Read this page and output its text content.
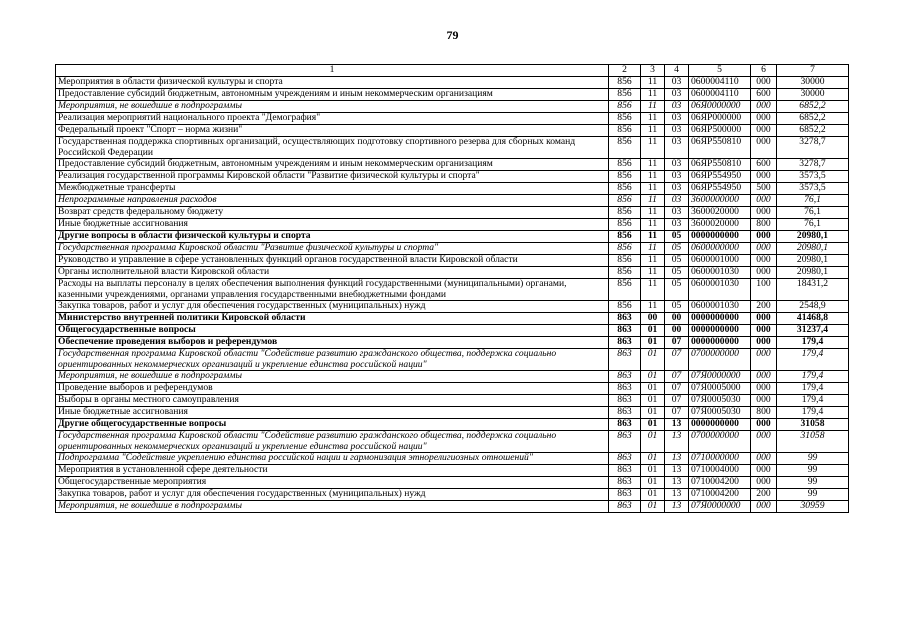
79
1	2	3	4	5	6	7
Мероприятия в области физической культуры и спорта	856	11	03	0600004110	000	30000
Предоставление субсидий бюджетным, автономным учреждениям и иным некоммерческим организациям	856	11	03	0600004110	600	30000
Мероприятия, не вошедшие в подпрограммы	856	11	03	06Я0000000	000	6852,2
Реализация мероприятий национального проекта "Демография"	856	11	03	06ЯР000000	000	6852,2
Федеральный проект "Спорт – норма жизни"	856	11	03	06ЯР500000	000	6852,2
Государственная поддержка спортивных организаций, осуществляющих подготовку спортивного резерва для сборных команд Российской Федерации	856	11	03	06ЯР550810	000	3278,7
Предоставление субсидий бюджетным, автономным учреждениям и иным некоммерческим организациям	856	11	03	06ЯР550810	600	3278,7
Реализация государственной программы Кировской области "Развитие физической культуры и спорта"	856	11	03	06ЯР554950	000	3573,5
Межбюджетные трансферты	856	11	03	06ЯР554950	500	3573,5
Непрограммные направления расходов	856	11	03	3600000000	000	76,1
Возврат средств федеральному бюджету	856	11	03	3600020000	000	76,1
Иные бюджетные ассигнования	856	11	03	3600020000	800	76,1
Другие вопросы в области физической культуры и спорта	856	11	05	0000000000	000	20980,1
Государственная программа Кировской области "Развитие физической культуры и спорта"	856	11	05	0600000000	000	20980,1
Руководство и управление в сфере установленных функций органов государственной власти Кировской области	856	11	05	0600001000	000	20980,1
Органы исполнительной власти Кировской области	856	11	05	0600001030	000	20980,1
Расходы на выплаты персоналу в целях обеспечения выполнения функций государственными (муниципальными) органами, казенными учреждениями, органами управления государственными внебюджетными фондами	856	11	05	0600001030	100	18431,2
Закупка товаров, работ и услуг для обеспечения государственных (муниципальных) нужд	856	11	05	0600001030	200	2548,9
Министерство внутренней политики Кировской области	863	00	00	0000000000	000	41468,8
Общегосударственные вопросы	863	01	00	0000000000	000	31237,4
Обеспечение проведения выборов и референдумов	863	01	07	0000000000	000	179,4
Государственная программа Кировской области "Содействие развитию гражданского общества, поддержка социально ориентированных некоммерческих организаций и укрепление единства российской нации"	863	01	07	0700000000	000	179,4
Мероприятия, не вошедшие в подпрограммы	863	01	07	07Я0000000	000	179,4
Проведение выборов и референдумов	863	01	07	07Я0005000	000	179,4
Выборы в органы местного самоуправления	863	01	07	07Я0005030	000	179,4
Иные бюджетные ассигнования	863	01	07	07Я0005030	800	179,4
Другие общегосударственные вопросы	863	01	13	0000000000	000	31058
Государственная программа Кировской области "Содействие развитию гражданского общества, поддержка социально ориентированных некоммерческих организаций и укрепление единства российской нации"	863	01	13	0700000000	000	31058
Подпрограмма "Содействие укреплению единства российской нации и гармонизация этнорелигиозных отношений"	863	01	13	0710000000	000	99
Мероприятия в установленной сфере деятельности	863	01	13	0710004000	000	99
Общегосударственные мероприятия	863	01	13	0710004200	000	99
Закупка товаров, работ и услуг для обеспечения государственных (муниципальных) нужд	863	01	13	0710004200	200	99
Мероприятия, не вошедшие в подпрограммы	863	01	13	07Я0000000	000	30959
